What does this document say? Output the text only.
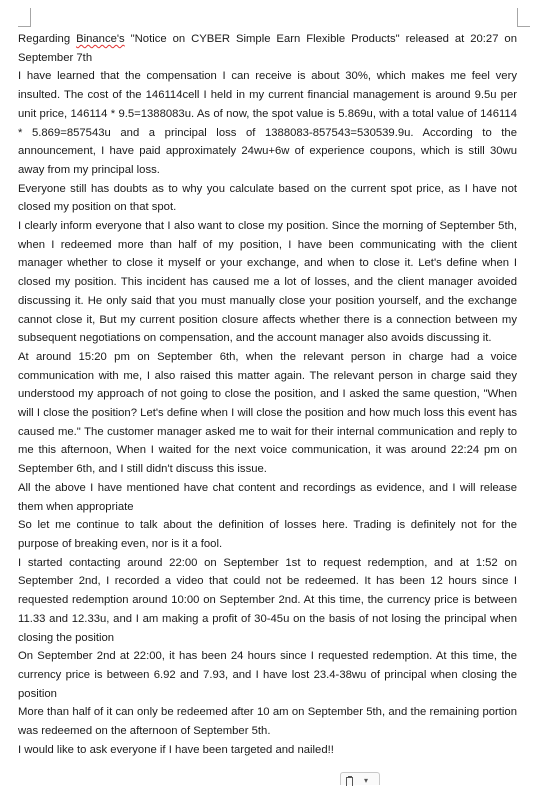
Regarding Binance's "Notice on CYBER Simple Earn Flexible Products" released at 20:27 on September 7th

I have learned that the compensation I can receive is about 30%, which makes me feel very insulted. The cost of the 146114cell I held in my current financial management is around 9.5u per unit price, 146114 * 9.5=1388083u. As of now, the spot value is 5.869u, with a total value of 146114 * 5.869=857543u and a principal loss of 1388083-857543=530539.9u. According to the announcement, I have paid approximately 24wu+6w of experience coupons, which is still 30wu away from my principal loss.

Everyone still has doubts as to why you calculate based on the current spot price, as I have not closed my position on that spot.

I clearly inform everyone that I also want to close my position. Since the morning of September 5th, when I redeemed more than half of my position, I have been communicating with the client manager whether to close it myself or your exchange, and when to close it. Let's define when I closed my position. This incident has caused me a lot of losses, and the client manager avoided discussing it. He only said that you must manually close your position yourself, and the exchange cannot close it, But my current position closure affects whether there is a connection between my subsequent negotiations on compensation, and the account manager also avoids discussing it.

At around 15:20 pm on September 6th, when the relevant person in charge had a voice communication with me, I also raised this matter again. The relevant person in charge said they understood my approach of not going to close the position, and I asked the same question, "When will I close the position? Let's define when I will close the position and how much loss this event has caused me." The customer manager asked me to wait for their internal communication and reply to me this afternoon, When I waited for the next voice communication, it was around 22:24 pm on September 6th, and I still didn't discuss this issue.

All the above I have mentioned have chat content and recordings as evidence, and I will release them when appropriate

So let me continue to talk about the definition of losses here. Trading is definitely not for the purpose of breaking even, nor is it a fool.

I started contacting around 22:00 on September 1st to request redemption, and at 1:52 on September 2nd, I recorded a video that could not be redeemed. It has been 12 hours since I requested redemption around 10:00 on September 2nd. At this time, the currency price is between 11.33 and 12.33u, and I am making a profit of 30-45u on the basis of not losing the principal when closing the position

On September 2nd at 22:00, it has been 24 hours since I requested redemption. At this time, the currency price is between 6.92 and 7.93, and I have lost 23.4-38wu of principal when closing the position

More than half of it can only be redeemed after 10 am on September 5th, and the remaining portion was redeemed on the afternoon of September 5th.

I would like to ask everyone if I have been targeted and nailed!!

▾
